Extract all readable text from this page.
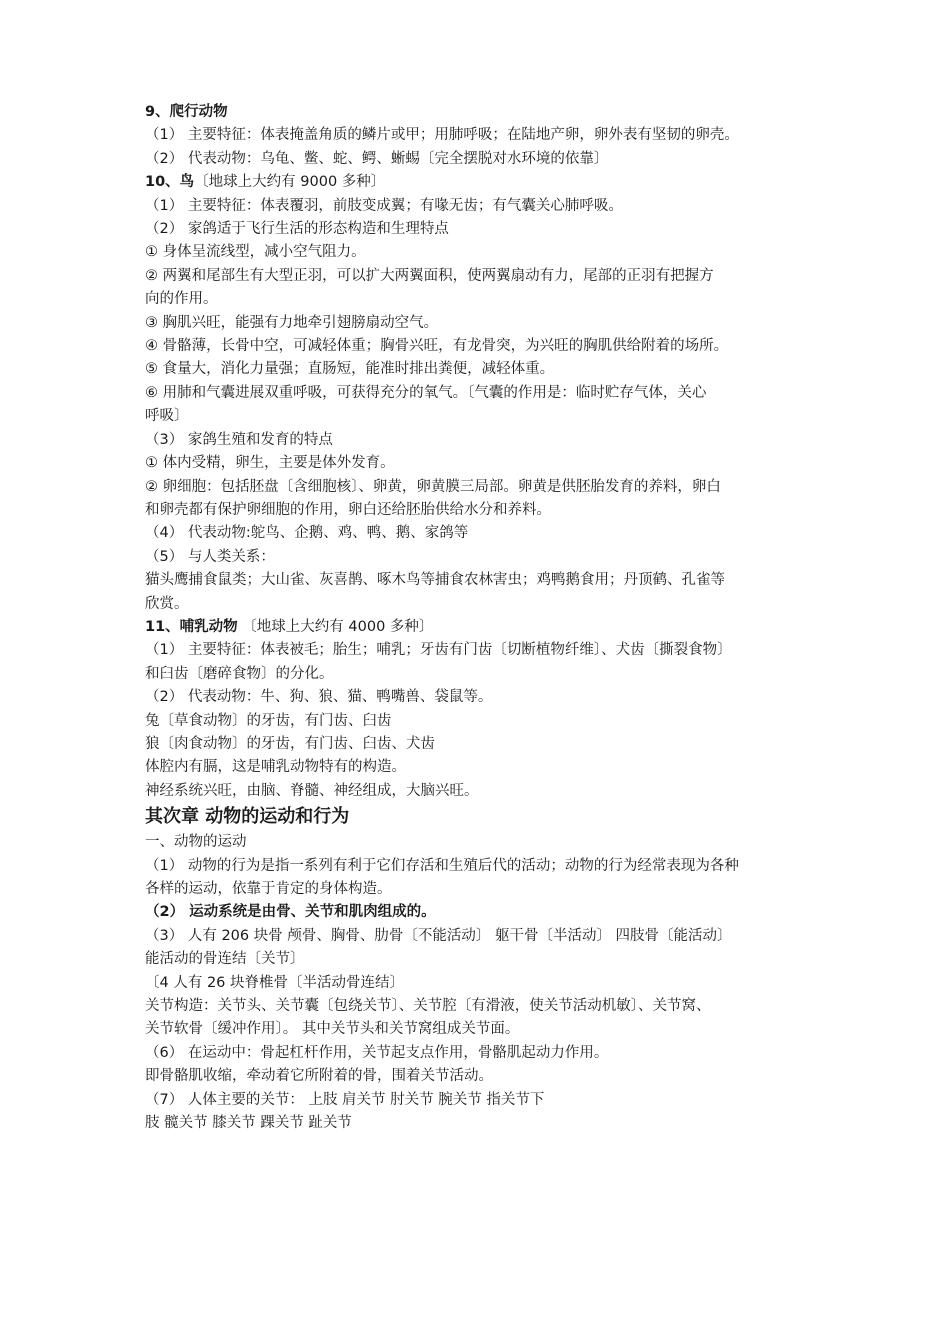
9、爬行动物

（1） 主要特征：体表掩盖角质的鳞片或甲；用肺呼吸；在陆地产卵，卵外表有坚韧的卵壳。

（2） 代表动物：乌龟、鳖、蛇、鳄、蜥蜴〔完全摆脱对水环境的依靠〕

10、鸟〔地球上大约有 9000 多种〕

（1） 主要特征：体表覆羽，前肢变成翼；有喙无齿；有气囊关心肺呼吸。

（2） 家鸽适于飞行生活的形态构造和生理特点

① 身体呈流线型，减小空气阻力。

② 两翼和尾部生有大型正羽，可以扩大两翼面积，使两翼扇动有力，尾部的正羽有把握方

向的作用。

③ 胸肌兴旺，能强有力地牵引翅膀扇动空气。

④ 骨骼薄，长骨中空，可减轻体重；胸骨兴旺，有龙骨突，为兴旺的胸肌供给附着的场所。

⑤ 食量大，消化力量强；直肠短，能准时排出粪便，减轻体重。

⑥ 用肺和气囊进展双重呼吸，可获得充分的氧气。〔气囊的作用是：临时贮存气体，关心

呼吸〕

（3） 家鸽生殖和发育的特点

① 体内受精，卵生，主要是体外发育。

② 卵细胞：包括胚盘〔含细胞核〕、卵黄，卵黄膜三局部。卵黄是供胚胎发育的养料，卵白

和卵壳都有保护卵细胞的作用，卵白还给胚胎供给水分和养料。

（4） 代表动物:鸵鸟、企鹅、鸡、鸭、鹅、家鸽等

（5） 与人类关系：

猫头鹰捕食鼠类；大山雀、灰喜鹊、啄木鸟等捕食农林害虫；鸡鸭鹅食用；丹顶鹤、孔雀等

欣赏。

11、哺乳动物 〔地球上大约有 4000 多种〕

（1） 主要特征：体表被毛；胎生；哺乳；牙齿有门齿〔切断植物纤维〕、犬齿〔撕裂食物〕

和臼齿〔磨碎食物〕的分化。

（2） 代表动物：牛、狗、狼、猫、鸭嘴兽、袋鼠等。

兔〔草食动物〕的牙齿，有门齿、臼齿

狼〔肉食动物〕的牙齿，有门齿、臼齿、犬齿

体腔内有膈，这是哺乳动物特有的构造。

神经系统兴旺，由脑、脊髓、神经组成，大脑兴旺。

其次章 动物的运动和行为

一、动物的运动

（1） 动物的行为是指一系列有利于它们存活和生殖后代的活动；动物的行为经常表现为各种

各样的运动，依靠于肯定的身体构造。

（2） 运动系统是由骨、关节和肌肉组成的。

（3） 人有 206 块骨 颅骨、胸骨、肋骨〔不能活动〕 躯干骨〔半活动〕 四肢骨〔能活动〕

能活动的骨连结〔关节〕

〔4 人有 26 块脊椎骨〔半活动骨连结〕

关节构造：关节头、关节囊〔包绕关节〕、关节腔〔有滑液，使关节活动机敏〕、关节窝、

关节软骨〔缓冲作用〕。 其中关节头和关节窝组成关节面。

（6） 在运动中：骨起杠杆作用，关节起支点作用，骨骼肌起动力作用。

即骨骼肌收缩，牵动着它所附着的骨，围着关节活动。

（7） 人体主要的关节： 上肢 肩关节 肘关节 腕关节 指关节下

肢 髋关节 膝关节 踝关节 趾关节
